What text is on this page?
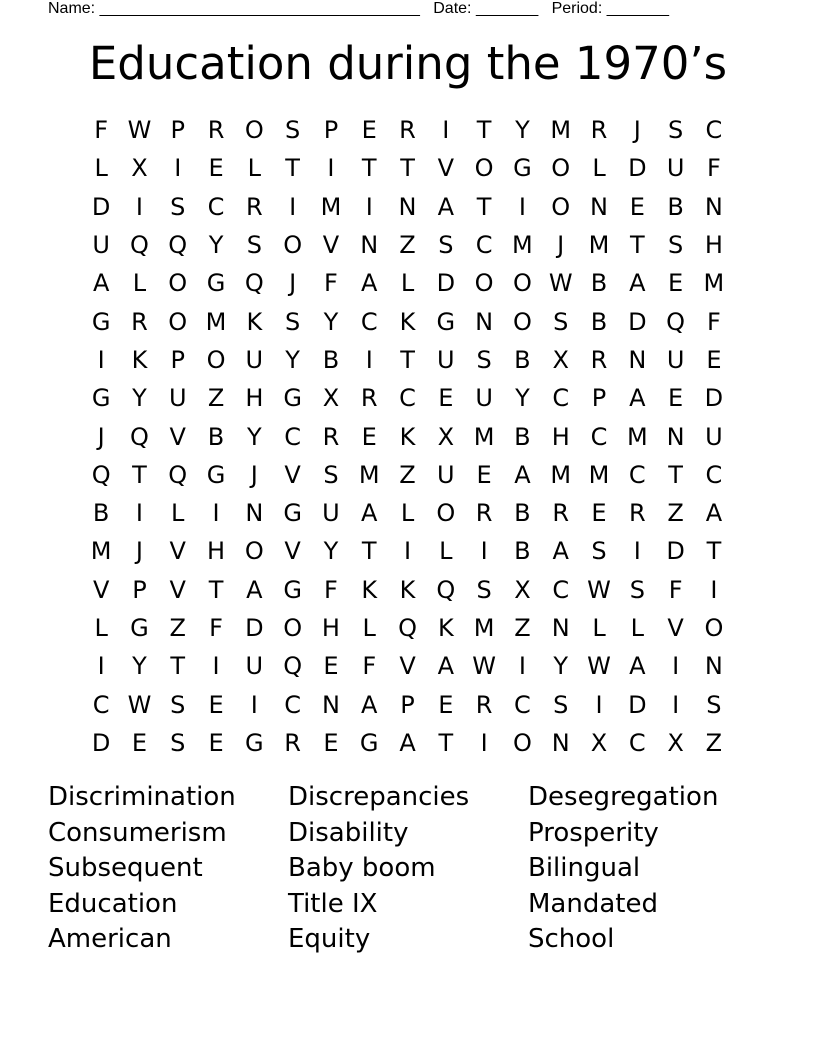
Name: ____________________________________   Date: _______   Period: _______
Education during the 1970’s
F W P R O S P E R	I	T Y M R	J	S C
L X	I	E	L	T	I	T T V O G O L D U F
D	I	S C R	I	M	I	N A T	I	O N E B N
U Q Q Y S O V N Z S C M	J	M T S H
A L O G Q	J	F A L D O O W B A E M
G R O M K S Y C K G N O S B D Q F
I	K P O U Y B	I	T U S B X R N U E
G Y U Z H G X R C E U Y C P A E D
J	Q V B Y C R E K X M B H C M N U
Q T Q G	J	V S M Z U E A M M C T C
B	I	L	I	N G U A L O R B R E R Z A
M	J	V H O V Y T	I	L	I	B A S	I	D T
V P V T A G F K K Q S X C W S F	I
L G Z F D O H L Q K M Z N L	L V O
I	Y T	I	U Q E F V A W I	Y W A	I	N
C W S E	I	C N A P E R C S	I	D	I	S
D E S E G R E G A T	I	O N X C X Z
Discrimination	Discrepancies	Desegregation
Consumerism	Disability	Prosperity
Subsequent	Baby boom	Bilingual
Education	Title IX	Mandated
American	Equity	School
